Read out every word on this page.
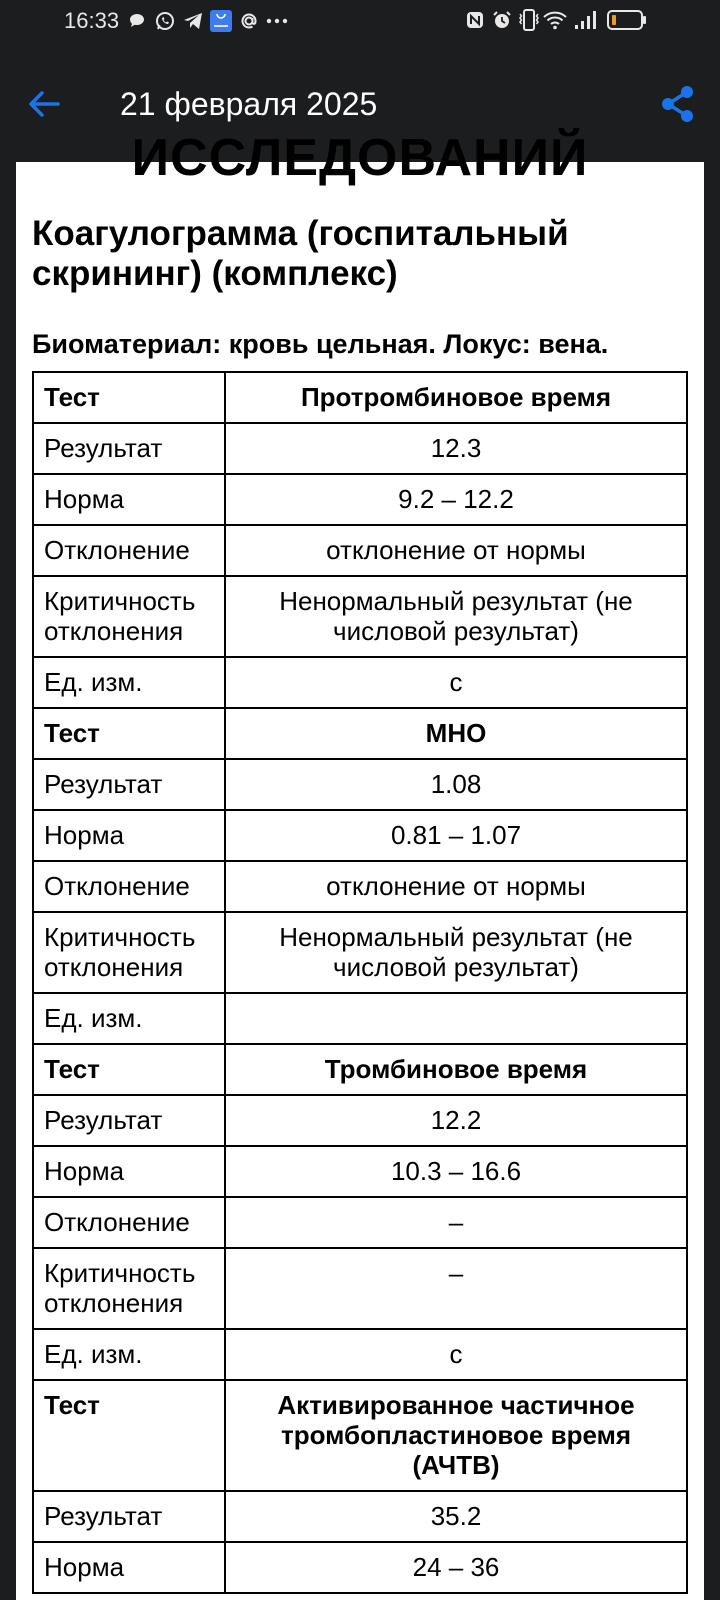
16:33
21 февраля 2025
ИССЛЕДОВАНИЙ
Коагулограмма (госпитальный скрининг) (комплекс)
Биоматериал: кровь цельная. Локус: вена.
Тест	Протромбиновое время
Результат	12.3
Норма	9.2 – 12.2
Отклонение	отклонение от нормы
Критичность отклонения	Ненормальный результат (не числовой результат)
Ед. изм.	с
Тест	МНО
Результат	1.08
Норма	0.81 – 1.07
Отклонение	отклонение от нормы
Критичность отклонения	Ненормальный результат (не числовой результат)
Ед. изм.	
Тест	Тромбиновое время
Результат	12.2
Норма	10.3 – 16.6
Отклонение	–
Критичность отклонения	–
Ед. изм.	с
Тест	Активированное частичное тромбопластиновое время (АЧТВ)
Результат	35.2
Норма	24 – 36
